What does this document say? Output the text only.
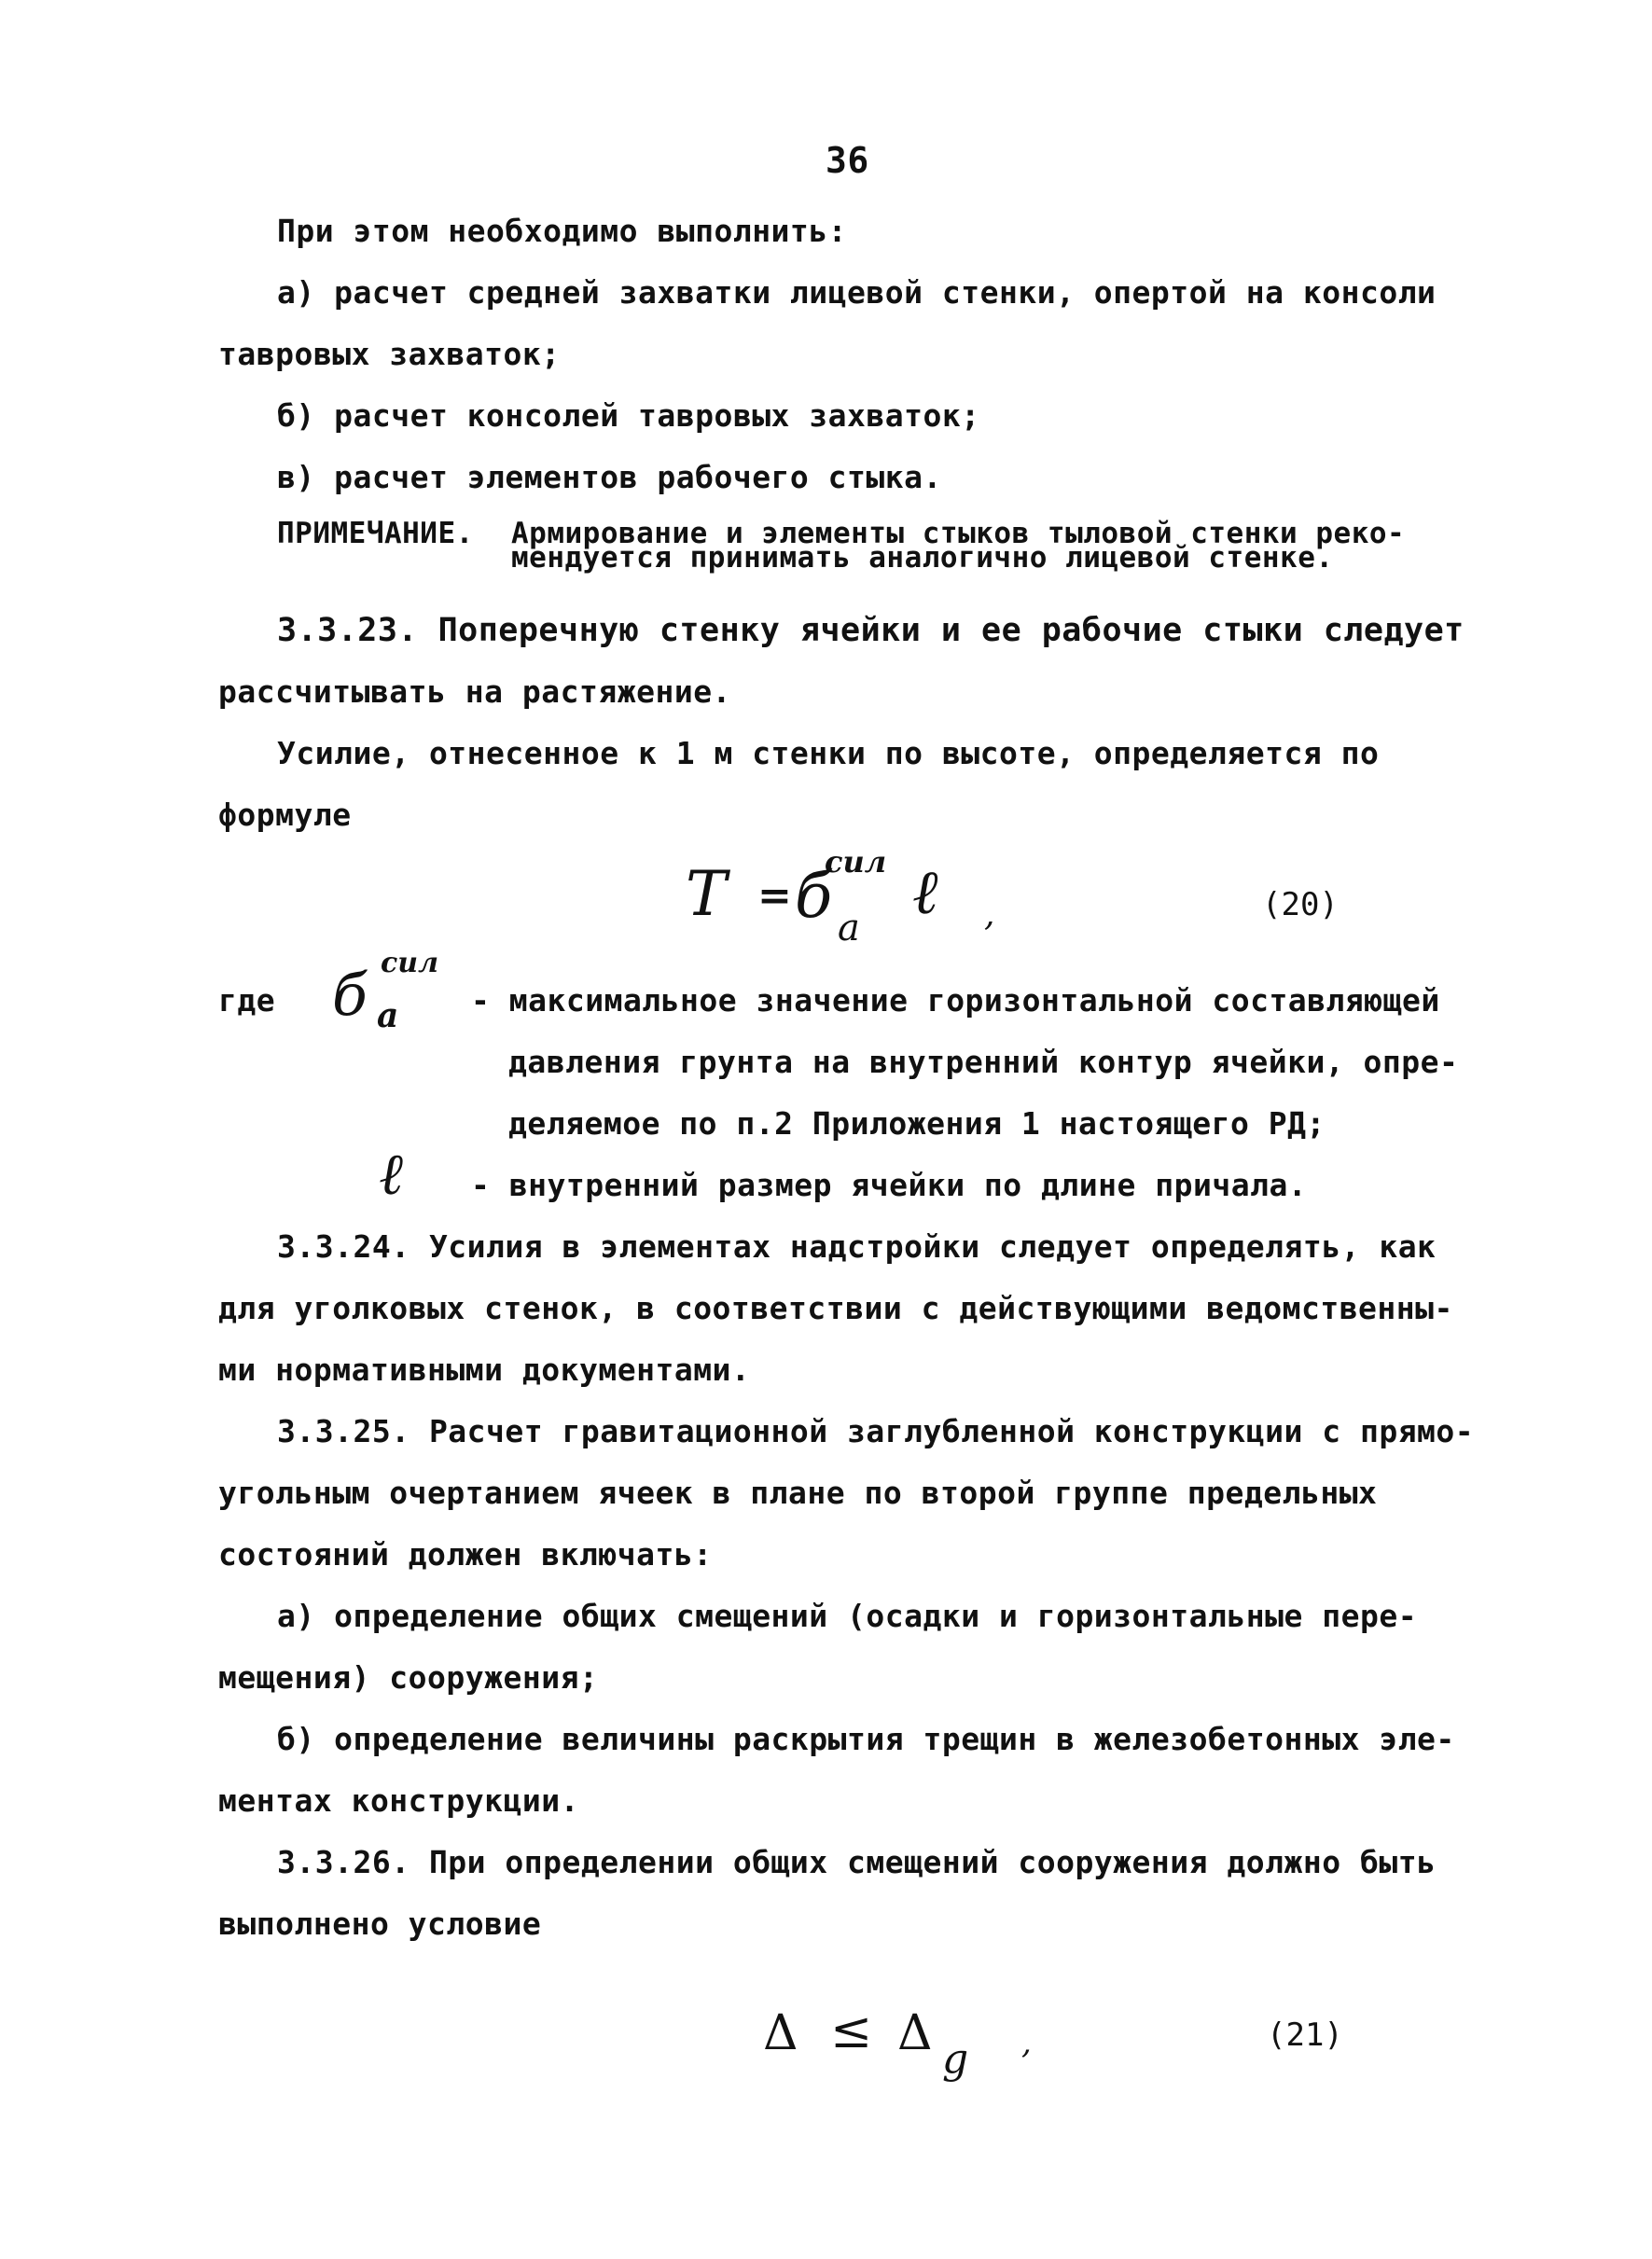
36
При этом необходимо выполнить:
а) расчет средней захватки лицевой стенки, опертой на консоли
тавровых захваток;
б) расчет консолей тавровых захваток;
в) расчет элементов рабочего стыка.
ПРИМЕЧАНИЕ. Армирование и элементы стыков тыловой стенки реко-
мендуется принимать аналогично лицевой стенке.
3.3.23. Поперечную стенку ячейки и ее рабочие стыки следует
рассчитывать на растяжение.
Усилие, отнесенное к 1 м стенки по высоте, определяется по
формуле
T = б
сил
a ℓ ,	(20)
где б сил
a - максимальное значение горизонтальной составляющей
давления грунта на внутренний контур ячейки, опре-
деляемое по п.2 Приложения 1 настоящего РД;
ℓ - внутренний размер ячейки по длине причала.
3.3.24. Усилия в элементах надстройки следует определять, как
для уголковых стенок, в соответствии с действующими ведомственны-
ми нормативными документами.
3.3.25. Расчет гравитационной заглубленной конструкции с прямо-
угольным очертанием ячеек в плане по второй группе предельных
состояний должен включать:
а) определение общих смещений (осадки и горизонтальные пере-
мещения) сооружения;
б) определение величины раскрытия трещин в железобетонных эле-
ментах конструкции.
3.3.26. При определении общих смещений сооружения должно быть
выполнено условие
Δ ≤ Δ g ,	(21)
